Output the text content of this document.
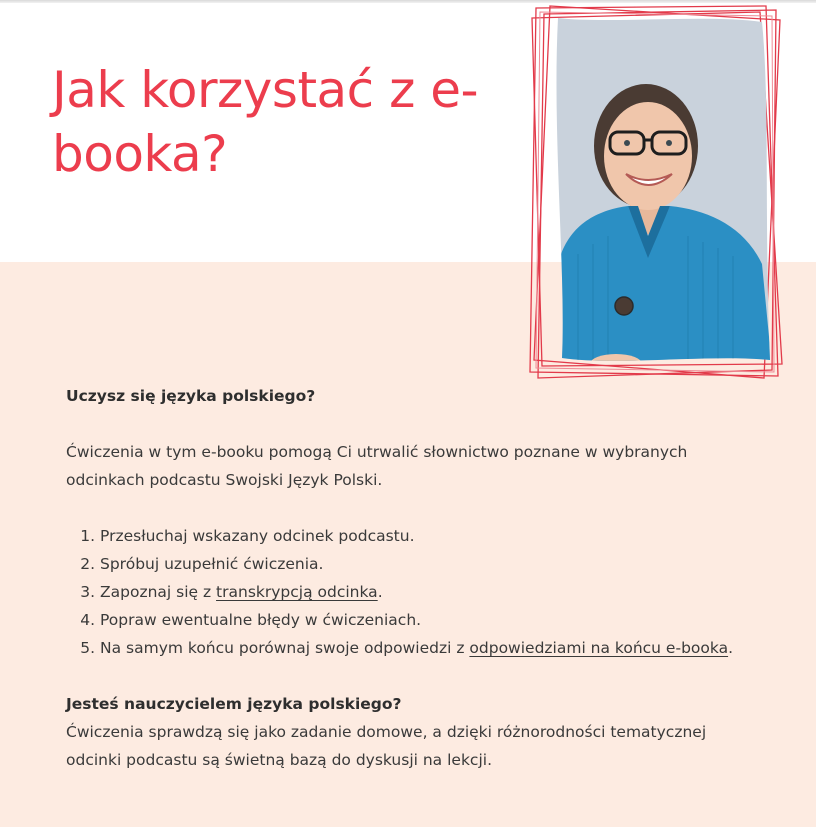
Jak korzystać z e-booka?

Uczysz się języka polskiego?

Ćwiczenia w tym e-booku pomogą Ci utrwalić słownictwo poznane w wybranych odcinkach podcastu Swojski Język Polski.

1. Przesłuchaj wskazany odcinek podcastu.
2. Spróbuj uzupełnić ćwiczenia.
3. Zapoznaj się z transkrypcją odcinka.
4. Popraw ewentualne błędy w ćwiczeniach.
5. Na samym końcu porównaj swoje odpowiedzi z odpowiedziami na końcu e-booka.

Jesteś nauczycielem języka polskiego?

Ćwiczenia sprawdzą się jako zadanie domowe, a dzięki różnorodności tematycznej odcinki podcastu są świetną bazą do dyskusji na lekcji.
